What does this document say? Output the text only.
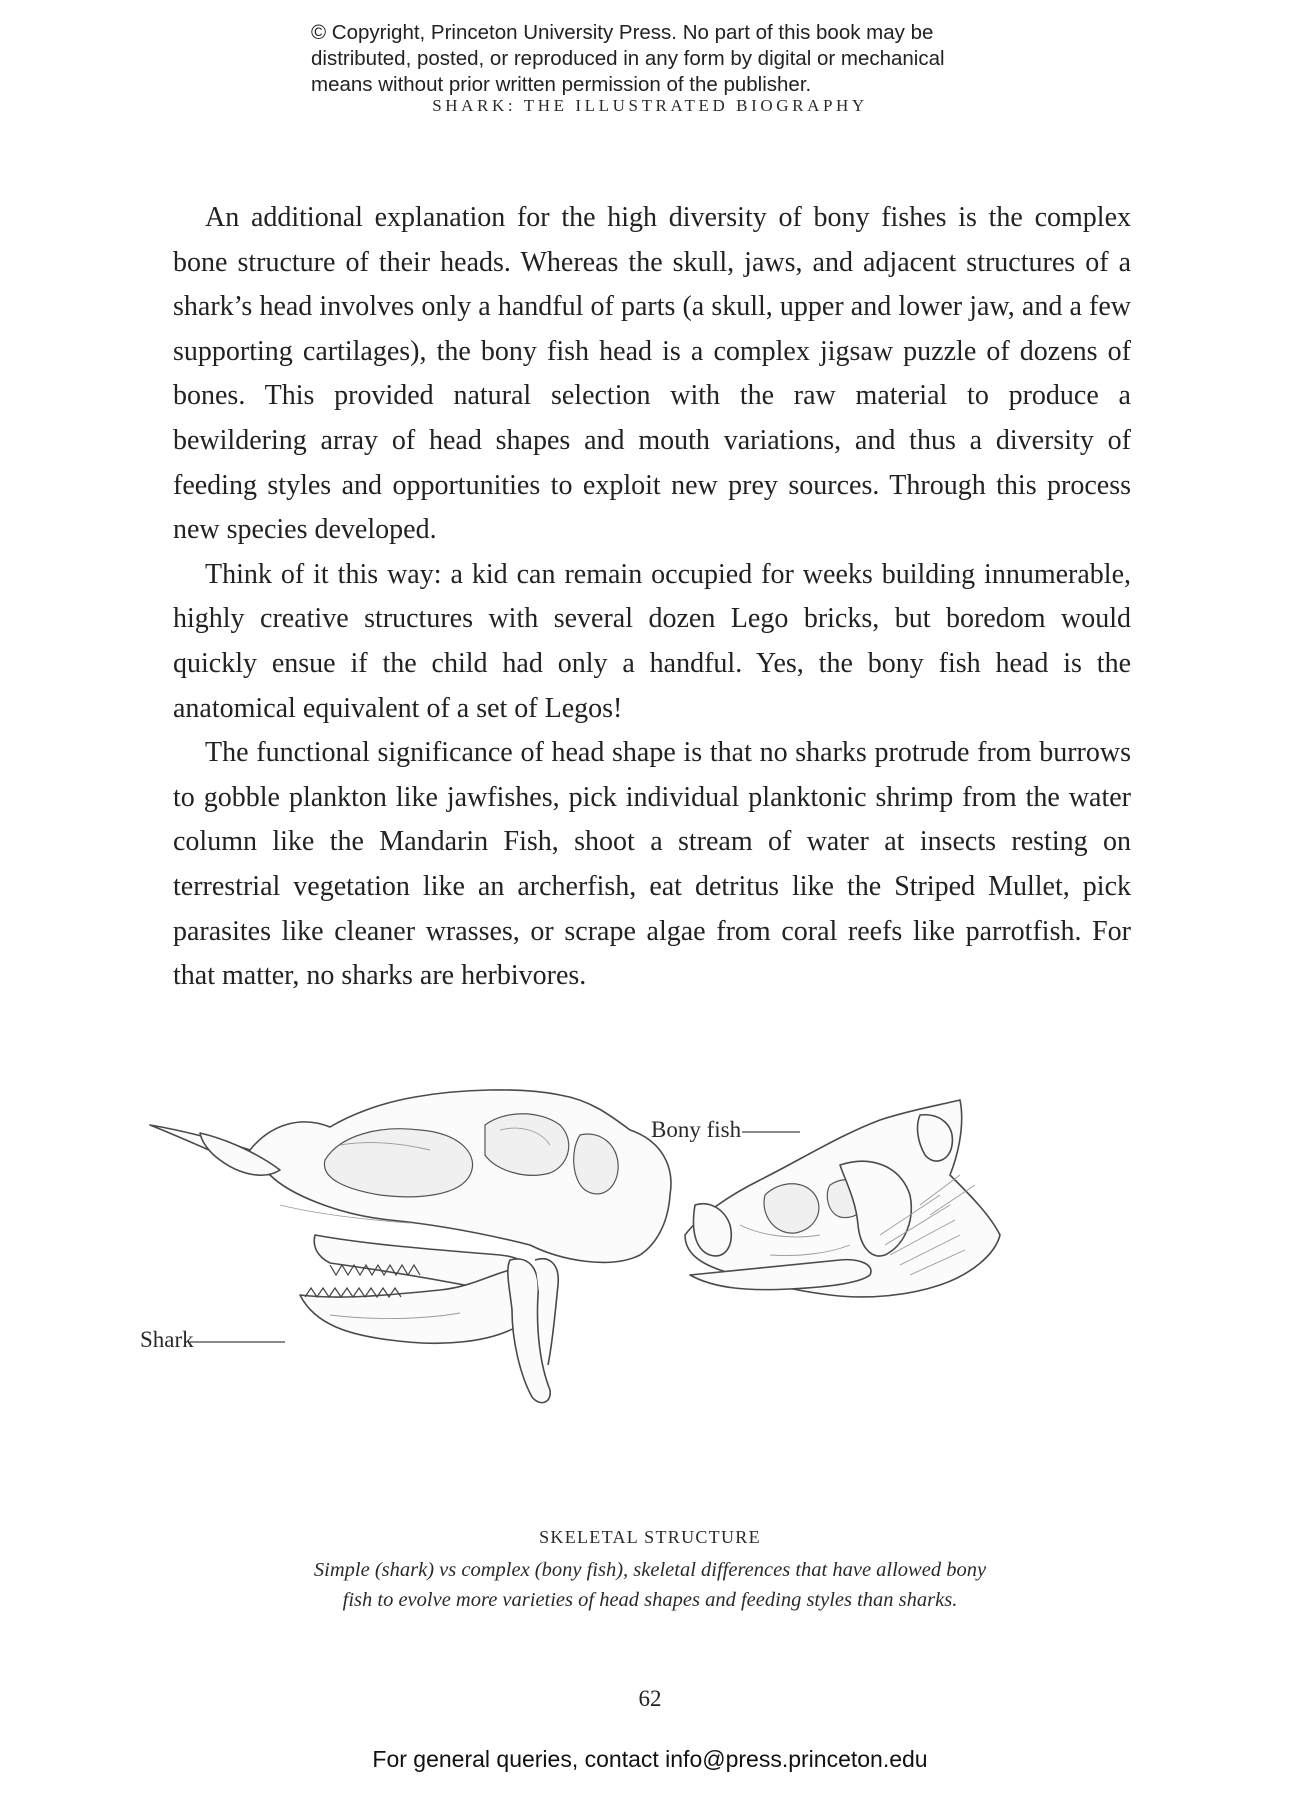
© Copyright, Princeton University Press. No part of this book may be
distributed, posted, or reproduced in any form by digital or mechanical
means without prior written permission of the publisher.
SHARK: THE ILLUSTRATED BIOGRAPHY

An additional explanation for the high diversity of bony fishes is the complex bone structure of their heads. Whereas the skull, jaws, and adjacent structures of a shark’s head involves only a handful of parts (a skull, upper and lower jaw, and a few supporting cartilages), the bony fish head is a complex jigsaw puzzle of dozens of bones. This provided natural selection with the raw material to produce a bewildering array of head shapes and mouth variations, and thus a diversity of feeding styles and opportunities to exploit new prey sources. Through this process new species developed.

Think of it this way: a kid can remain occupied for weeks building innumerable, highly creative structures with several dozen Lego bricks, but boredom would quickly ensue if the child had only a handful. Yes, the bony fish head is the anatomical equivalent of a set of Legos!

The functional significance of head shape is that no sharks protrude from burrows to gobble plankton like jawfishes, pick individual planktonic shrimp from the water column like the Mandarin Fish, shoot a stream of water at insects resting on terrestrial vegetation like an archerfish, eat detritus like the Striped Mullet, pick parasites like cleaner wrasses, or scrape algae from coral reefs like parrotfish. For that matter, no sharks are herbivores.

Shark
Bony fish
SKELETAL STRUCTURE
Simple (shark) vs complex (bony fish), skeletal differences that have allowed bony fish to evolve more varieties of head shapes and feeding styles than sharks.
62
For general queries, contact info@press.princeton.edu
